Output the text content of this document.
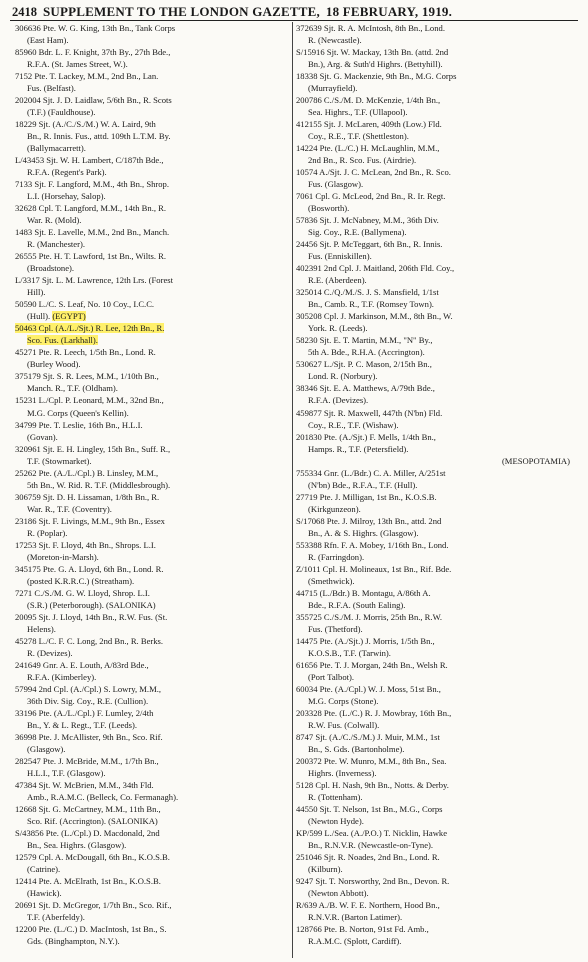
2418 SUPPLEMENT TO THE LONDON GAZETTE, 18 FEBRUARY, 1919.
306636 Pte. W. G. King, 13th Bn., Tank Corps
(East Ham).
85960 Bdr. L. F. Knight, 37th By., 27th Bde.,
R.F.A. (St. James Street, W.).
7152 Pte. T. Lackey, M.M., 2nd Bn., Lan.
Fus. (Belfast).
202004 Sjt. J. D. Laidlaw, 5/6th Bn., R. Scots
(T.F.) (Fauldhouse).
18229 Sjt. (A./C./S./M.) W. A. Laird, 9th
Bn., R. Innis. Fus., attd. 109th L.T.M. By.
(Ballymacarrett).
L/43453 Sjt. W. H. Lambert, C/187th Bde.,
R.F.A. (Regent's Park).
7133 Sjt. F. Langford, M.M., 4th Bn., Shrop.
L.I. (Horsehay, Salop).
32628 Cpl. T. Langford, M.M., 14th Bn., R.
War. R. (Mold).
1483 Sjt. E. Lavelle, M.M., 2nd Bn., Manch.
R. (Manchester).
26555 Pte. H. T. Lawford, 1st Bn., Wilts. R.
(Broadstone).
L/3317 Sjt. L. M. Lawrence, 12th Lrs. (Forest
Hill).
50590 L./C. S. Leaf, No. 10 Coy., I.C.C.
(Hull). (EGYPT)
50463 Cpl. (A./L./Sjt.) R. Lee, 12th Bn., R.
Sco. Fus. (Larkhall).
45271 Pte. R. Leech, 1/5th Bn., Lond. R.
(Burley Wood).
375179 Sjt. S. R. Lees, M.M., 1/10th Bn.,
Manch. R., T.F. (Oldham).
15231 L./Cpl. P. Leonard, M.M., 32nd Bn.,
M.G. Corps (Queen's Kellin).
34799 Pte. T. Leslie, 16th Bn., H.L.I.
(Govan).
320961 Sjt. E. H. Lingley, 15th Bn., Suff. R.,
T.F. (Stowmarket).
25262 Pte. (A./L./Cpl.) B. Linsley, M.M.,
5th Bn., W. Rid. R. T.F. (Middlesbrough).
306759 Sjt. D. H. Lissaman, 1/8th Bn., R.
War. R., T.F. (Coventry).
23186 Sjt. F. Livings, M.M., 9th Bn., Essex
R. (Poplar).
17253 Sjt. F. Lloyd, 4th Bn., Shrops. L.I.
(Moreton-in-Marsh).
345175 Pte. G. A. Lloyd, 6th Bn., Lond. R.
(posted K.R.R.C.) (Streatham).
7271 C./S./M. G. W. Lloyd, Shrop. L.I.
(S.R.) (Peterborough). (SALONIKA)
20095 Sjt. J. Lloyd, 14th Bn., R.W. Fus. (St.
Helens).
45278 L./C. F. C. Long, 2nd Bn., R. Berks.
R. (Devizes).
241649 Gnr. A. E. Louth, A/83rd Bde.,
R.F.A. (Kimberley).
57994 2nd Cpl. (A./Cpl.) S. Lowry, M.M.,
36th Div. Sig. Coy., R.E. (Cullion).
33196 Pte. (A./L./Cpl.) F. Lumley, 2/4th
Bn., Y. & L. Regt., T.F. (Leeds).
36998 Pte. J. McAllister, 9th Bn., Sco. Rif.
(Glasgow).
282547 Pte. J. McBride, M.M., 1/7th Bn.,
H.L.I., T.F. (Glasgow).
47384 Sjt. W. McBrien, M.M., 34th Fld.
Amb., R.A.M.C. (Belleck, Co. Fermanagh).
12668 Sjt. G. McCartney, M.M., 11th Bn.,
Sco. Rif. (Accrington). (SALONIKA)
S/43856 Pte. (L./Cpl.) D. Macdonald, 2nd
Bn., Sea. Highrs. (Glasgow).
12579 Cpl. A. McDougall, 6th Bn., K.O.S.B.
(Catrine).
12414 Pte. A. McElrath, 1st Bn., K.O.S.B.
(Hawick).
20691 Sjt. D. McGregor, 1/7th Bn., Sco. Rif.,
T.F. (Aberfeldy).
12200 Pte. (L./C.) D. MacIntosh, 1st Bn., S.
Gds. (Binghampton, N.Y.).
372639 Sjt. R. A. McIntosh, 8th Bn., Lond.
R. (Newcastle).
S/15916 Sjt. W. Mackay, 13th Bn. (attd. 2nd
Bn.), Arg. & Suth'd Highrs. (Bettyhill).
18338 Sjt. G. Mackenzie, 9th Bn., M.G. Corps
(Murrayfield).
200786 C./S./M. D. McKenzie, 1/4th Bn.,
Sea. Highrs., T.F. (Ullapool).
412155 Sjt. J. McLaren, 409th (Low.) Fld.
Coy., R.E., T.F. (Shettleston).
14224 Pte. (L./C.) H. McLaughlin, M.M.,
2nd Bn., R. Sco. Fus. (Airdrie).
10574 A./Sjt. J. C. McLean, 2nd Bn., R. Sco.
Fus. (Glasgow).
7061 Cpl. G. McLeod, 2nd Bn., R. Ir. Regt.
(Bosworth).
57836 Sjt. J. McNabney, M.M., 36th Div.
Sig. Coy., R.E. (Ballymena).
24456 Sjt. P. McTeggart, 6th Bn., R. Innis.
Fus. (Enniskillen).
402391 2nd Cpl. J. Maitland, 206th Fld. Coy.,
R.E. (Aberdeen).
325014 C./Q./M./S. J. S. Mansfield, 1/1st
Bn., Camb. R., T.F. (Romsey Town).
305208 Cpl. J. Markinson, M.M., 8th Bn., W.
York. R. (Leeds).
58230 Sjt. E. T. Martin, M.M., "N" By.,
5th A. Bde., R.H.A. (Accrington).
530627 L./Sjt. P. C. Mason, 2/15th Bn.,
Lond. R. (Norbury).
38346 Sjt. E. A. Matthews, A/79th Bde.,
R.F.A. (Devizes).
459877 Sjt. R. Maxwell, 447th (N'bn) Fld.
Coy., R.E., T.F. (Wishaw).
201830 Pte. (A./Sjt.) F. Mells, 1/4th Bn.,
Hamps. R., T.F. (Petersfield).
(MESOPOTAMIA)
755334 Gnr. (L./Bdr.) C. A. Miller, A/251st
(N'bn) Bde., R.F.A., T.F. (Hull).
27719 Pte. J. Milligan, 1st Bn., K.O.S.B.
(Kirkgunzeon).
S/17068 Pte. J. Milroy, 13th Bn., attd. 2nd
Bn., A. & S. Highrs. (Glasgow).
553388 Rfn. F. A. Mobey, 1/16th Bn., Lond.
R. (Farringdon).
Z/1011 Cpl. H. Molineaux, 1st Bn., Rif. Bde.
(Smethwick).
44715 (L./Bdr.) B. Montagu, A/86th A.
Bde., R.F.A. (South Ealing).
355725 C./S./M. J. Morris, 25th Bn., R.W.
Fus. (Thetford).
14475 Pte. (A./Sjt.) J. Morris, 1/5th Bn.,
K.O.S.B., T.F. (Tarwin).
61656 Pte. T. J. Morgan, 24th Bn., Welsh R.
(Port Talbot).
60034 Pte. (A./Cpl.) W. J. Moss, 51st Bn.,
M.G. Corps (Stone).
203328 Pte. (L./C.) R. J. Mowbray, 16th Bn.,
R.W. Fus. (Colwall).
8747 Sjt. (A./C./S./M.) J. Muir, M.M., 1st
Bn., S. Gds. (Bartonholme).
200372 Pte. W. Munro, M.M., 8th Bn., Sea.
Highrs. (Inverness).
5128 Cpl. H. Nash, 9th Bn., Notts. & Derby.
R. (Tottenham).
44550 Sjt. T. Nelson, 1st Bn., M.G., Corps
(Newton Hyde).
KP/599 L./Sea. (A./P.O.) T. Nicklin, Hawke
Bn., R.N.V.R. (Newcastle-on-Tyne).
251046 Sjt. R. Noades, 2nd Bn., Lond. R.
(Kilburn).
9247 Sjt. T. Norsworthy, 2nd Bn., Devon. R.
(Newton Abbott).
R/639 A./B. W. F. E. Northern, Hood Bn.,
R.N.V.R. (Barton Latimer).
128766 Pte. B. Norton, 91st Fd. Amb.,
R.A.M.C. (Splott, Cardiff).
